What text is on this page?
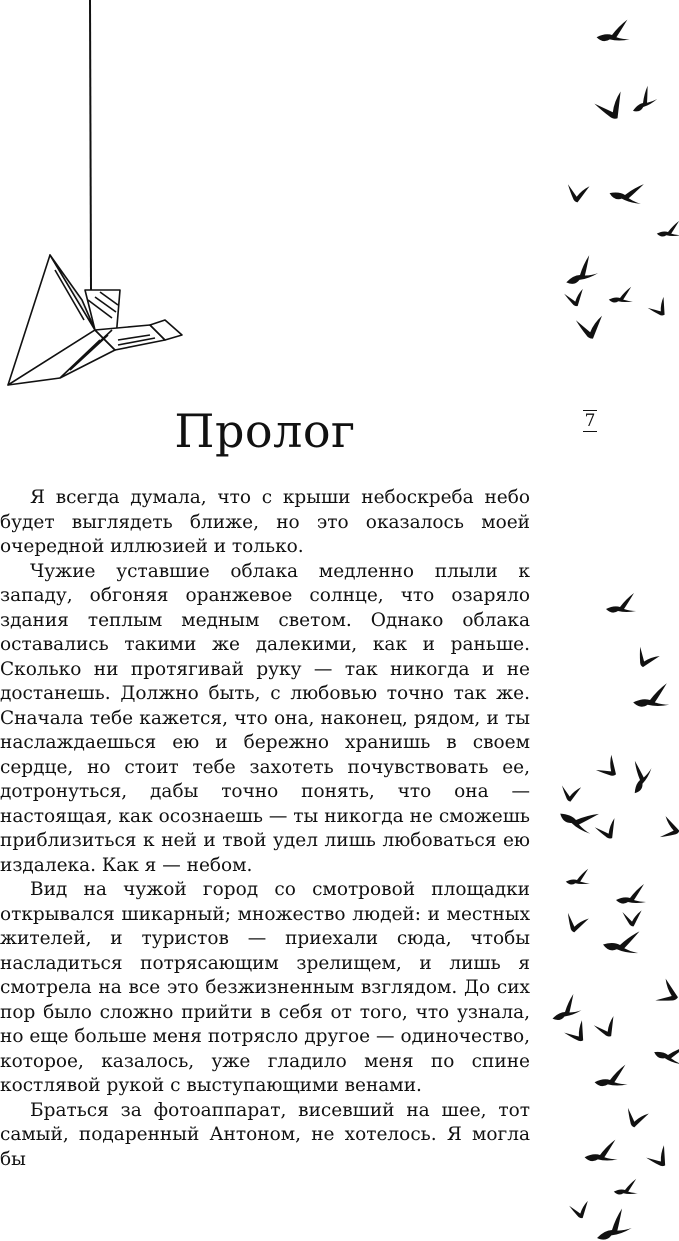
7
Пролог

Я всегда думала, что с крыши небоскреба небо будет выглядеть ближе, но это оказалось моей очередной иллюзией и только.

Чужие уставшие облака медленно плыли к западу, обгоняя оранжевое солнце, что озаряло здания теплым медным светом. Однако облака оставались такими же далекими, как и раньше. Сколько ни протягивай руку — так никогда и не достанешь. Должно быть, с любовью точно так же. Сначала тебе кажется, что она, наконец, рядом, и ты наслаждаешься ею и бережно хранишь в своем сердце, но стоит тебе захотеть почувствовать ее, дотронуться, дабы точно понять, что она — настоящая, как осознаешь — ты никогда не сможешь приблизиться к ней и твой удел лишь любоваться ею издалека. Как я — небом.

Вид на чужой город со смотровой площадки открывался шикарный; множество людей: и местных жителей, и туристов — приехали сюда, чтобы насладиться потрясающим зрелищем, и лишь я смотрела на все это безжизненным взглядом. До сих пор было сложно прийти в себя от того, что узнала, но еще больше меня потрясло другое — одиночество, которое, казалось, уже гладило меня по спине костлявой рукой с выступающими венами.

Браться за фотоаппарат, висевший на шее, тот самый, подаренный Антоном, не хотелось. Я могла бы
